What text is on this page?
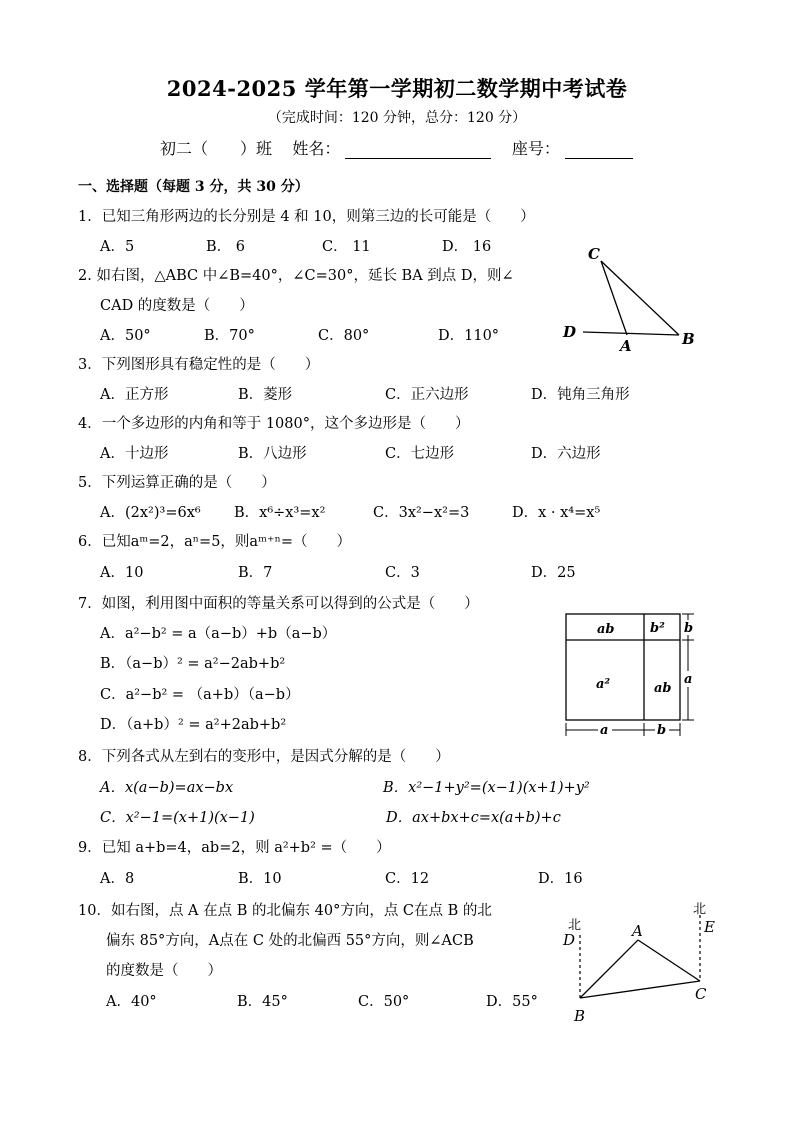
2024-2025 学年第一学期初二数学期中考试卷
（完成时间：120 分钟，总分：120 分）
初二（　　）班 姓名：	座号：
一、选择题（每题 3 分，共 30 分）
1．已知三角形两边的长分别是 4 和 10，则第三边的长可能是（　　）
A．5	B． 6	C． 11	D． 16
2. 如右图，△ABC 中∠B=40°，∠C=30°，延长 BA 到点 D，则∠
CAD 的度数是（　　）
A．50°	B．70°	C．80°	D．110°
C
D
A	B
3．下列图形具有稳定性的是（　　）
A．正方形	B．菱形	C．正六边形	D．钝角三角形
4．一个多边形的内角和等于 1080°，这个多边形是（　　）
A．十边形	B．八边形	C．七边形	D．六边形
5．下列运算正确的是（　　）
A．(2x²)³=6x⁶ B．x⁶÷x³=x²	C．3x²−x²=3	D．x · x⁴=x⁵
6．已知aᵐ=2，aⁿ=5，则aᵐ⁺ⁿ=（　　）
A．10	B．7	C．3	D．25
7．如图，利用图中面积的等量关系可以得到的公式是（　　）
A．a²−b² = a（a−b）+b（a−b）
B．（a−b）² = a²−2ab+b²
C．a²−b² = （a+b）（a−b）
D．（a+b）² = a²+2ab+b²
ab	b²
a²	ab
b
a
a	b
8．下列各式从左到右的变形中，是因式分解的是（　　）
A．x(a−b)=ax−bx	B．x²−1+y²=(x−1)(x+1)+y²
C．x²−1=(x+1)(x−1)	D．ax+bx+c=x(a+b)+c
9．已知 a+b=4，ab=2，则 a²+b² =（　　）
A．8	B．10	C．12	D．16
10．如右图，点 A 在点 B 的北偏东 40°方向，点 C在点 B 的北
偏东 85°方向，A点在 C 处的北偏西 55°方向，则∠ACB
的度数是（　　）
A．40°	B．45°	C．50°	D．55°
北
北
D	A	E
C
B
